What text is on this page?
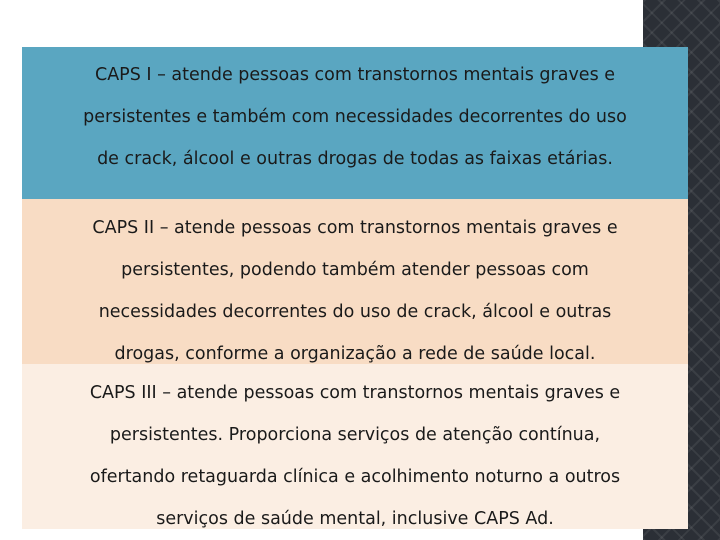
CAPS I – atende pessoas com transtornos mentais graves e
persistentes e também com necessidades decorrentes do uso
de crack, álcool e outras drogas de todas as faixas etárias.
CAPS II – atende pessoas com transtornos mentais graves e
persistentes, podendo também atender pessoas com
necessidades decorrentes do uso de crack, álcool e outras
drogas, conforme a organização a rede de saúde local.
CAPS III – atende pessoas com transtornos mentais graves e
persistentes. Proporciona serviços de atenção contínua,
ofertando retaguarda clínica e acolhimento noturno a outros
serviços de saúde mental, inclusive CAPS Ad.
